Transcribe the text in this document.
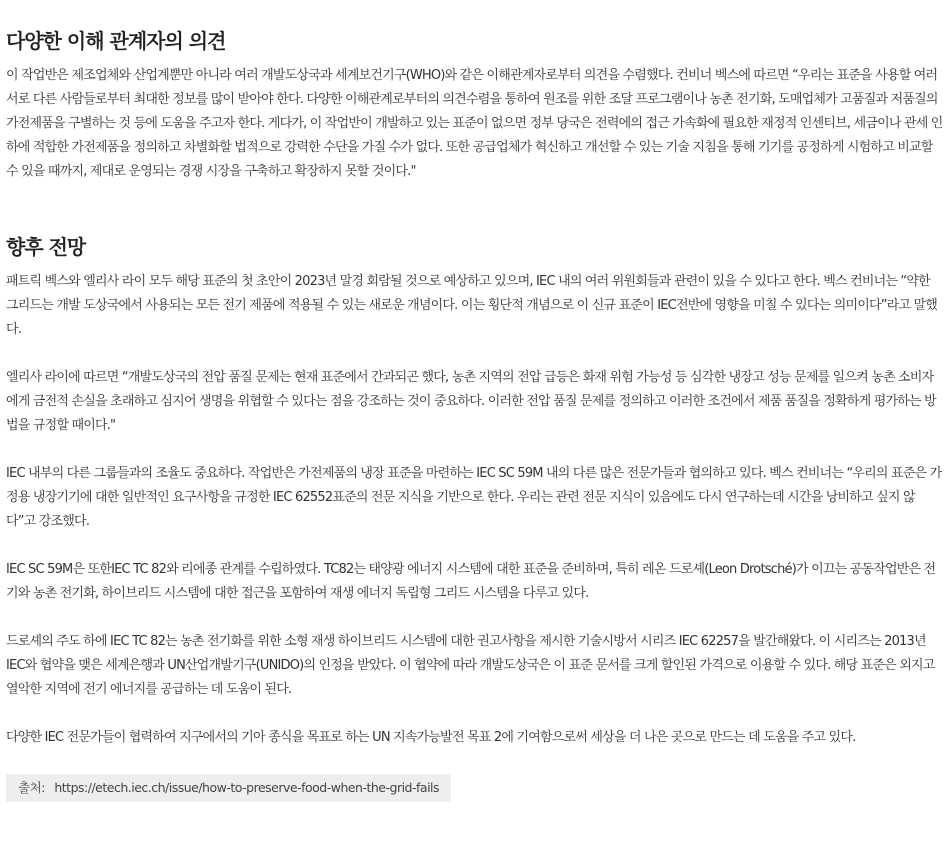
다양한 이해 관계자의 의견

이 작업반은 제조업체와 산업계뿐만 아니라 여러 개발도상국과 세계보건기구(WHO)와 같은 이해관계자로부터 의견을 수렴했다. 컨비너 벡스에 따르면 “우리는 표준을 사용할 여러 서로 다른 사람들로부터 최대한 정보를 많이 받아야 한다. 다양한 이해관계로부터의 의견수렴을 통하여 원조를 위한 조달 프로그램이나 농촌 전기화, 도매업체가 고품질과 저품질의 가전제품을 구별하는 것 등에 도움을 주고자 한다. 게다가, 이 작업반이 개발하고 있는 표준이 없으면 정부 당국은 전력에의 접근 가속화에 필요한 재정적 인센티브, 세금이나 관세 인하에 적합한 가전제품을 정의하고 차별화할 법적으로 강력한 수단을 가질 수가 없다. 또한 공급업체가 혁신하고 개선할 수 있는 기술 지침을 통해 기기를 공정하게 시험하고 비교할 수 있을 때까지, 제대로 운영되는 경쟁 시장을 구축하고 확장하지 못할 것이다."

향후 전망

패트릭 벡스와 엘리사 라이 모두 해당 표준의 첫 초안이 2023년 말경 회람될 것으로 예상하고 있으며, IEC 내의 여러 위원회들과 관련이 있을 수 있다고 한다. 벡스 컨비너는 “약한 그리드는 개발 도상국에서 사용되는 모든 전기 제품에 적용될 수 있는 새로운 개념이다. 이는 횡단적 개념으로 이 신규 표준이 IEC전반에 영향을 미칠 수 있다는 의미이다”라고 말했다.

엘리사 라이에 따르면 “개발도상국의 전압 품질 문제는 현재 표준에서 간과되곤 했다, 농촌 지역의 전압 급등은 화재 위험 가능성 등 심각한 냉장고 성능 문제를 일으켜 농촌 소비자에게 금전적 손실을 초래하고 심지어 생명을 위협할 수 있다는 점을 강조하는 것이 중요하다. 이러한 전압 품질 문제를 정의하고 이러한 조건에서 제품 품질을 정확하게 평가하는 방법을 규정할 때이다."

IEC 내부의 다른 그룹들과의 조율도 중요하다. 작업반은 가전제품의 냉장 표준을 마련하는 IEC SC 59M 내의 다른 많은 전문가들과 협의하고 있다. 벡스 컨비너는 “우리의 표준은 가정용 냉장기기에 대한 일반적인 요구사항을 규정한 IEC 62552표준의 전문 지식을 기반으로 한다. 우리는 관련 전문 지식이 있음에도 다시 연구하는데 시간을 낭비하고 싶지 않다”고 강조했다.

IEC SC 59M은 또한IEC TC 82와 리에종 관계를 수립하였다. TC82는 태양광 에너지 시스템에 대한 표준을 준비하며, 특히 레온 드로셰(Leon Drotsché)가 이끄는 공동작업반은 전기와 농촌 전기화, 하이브리드 시스템에 대한 접근을 포함하여 재생 에너지 독립형 그리드 시스템을 다루고 있다.

드로셰의 주도 하에 IEC TC 82는 농촌 전기화를 위한 소형 재생 하이브리드 시스템에 대한 권고사항을 제시한 기술시방서 시리즈 IEC 62257을 발간해왔다. 이 시리즈는 2013년 IEC와 협약을 맺은 세계은행과 UN산업개발기구(UNIDO)의 인정을 받았다. 이 협약에 따라 개발도상국은 이 표준 문서를 크게 할인된 가격으로 이용할 수 있다. 해당 표준은 외지고 열악한 지역에 전기 에너지를 공급하는 데 도움이 된다.

다양한 IEC 전문가들이 협력하여 지구에서의 기아 종식을 목표로 하는 UN 지속가능발전 목표 2에 기여함으로써 세상을 더 나은 곳으로 만드는 데 도움을 주고 있다.

출처: https://etech.iec.ch/issue/how-to-preserve-food-when-the-grid-fails
